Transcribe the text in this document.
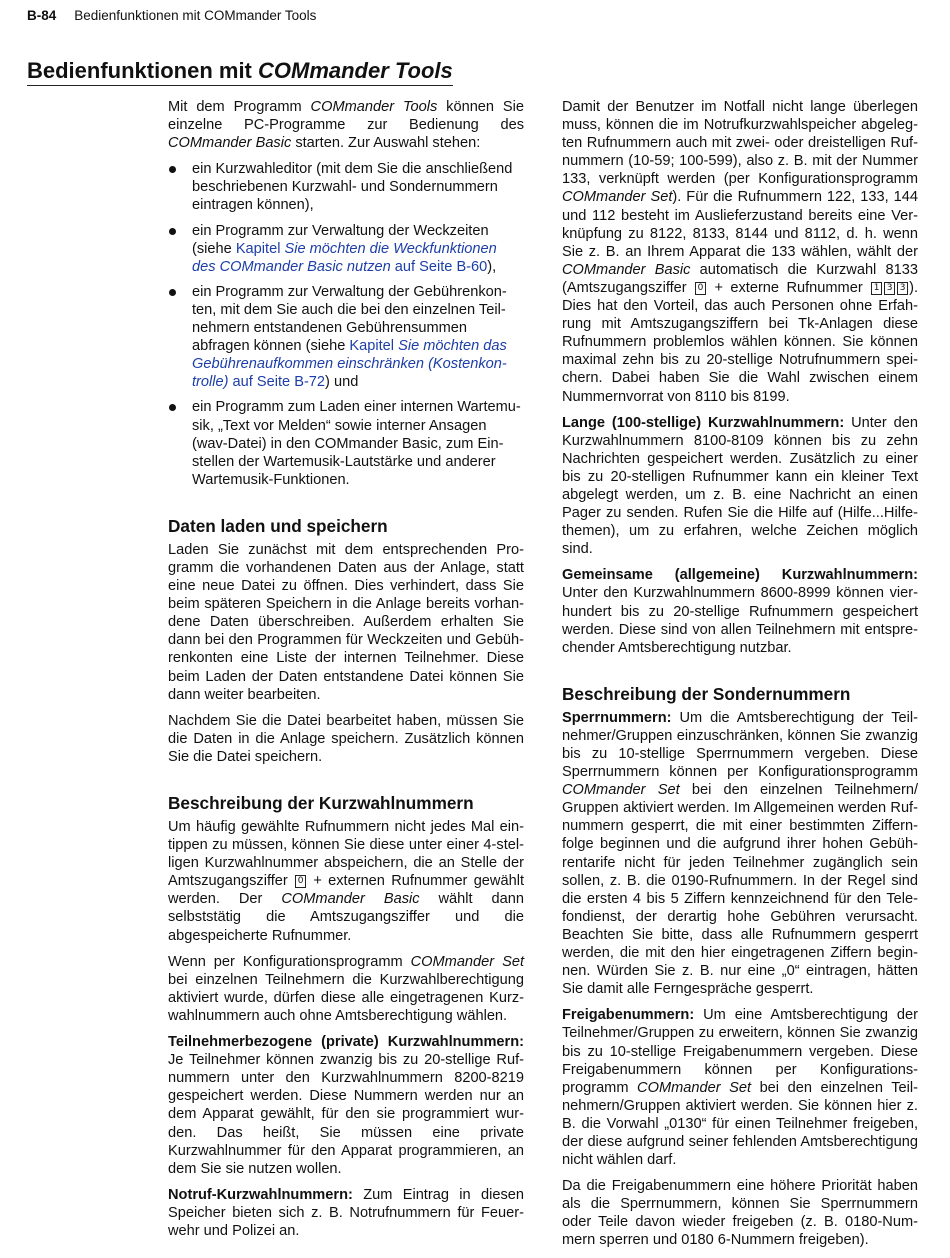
B-84 Bedienfunktionen mit COMmander Tools
Bedienfunktionen mit COMmander Tools

Mit dem Programm COMmander Tools können Sie einzelne PC-Programme zur Bedienung des COMmander Basic starten. Zur Auswahl stehen:

ein Kurzwahleditor (mit dem Sie die anschließend beschriebenen Kurzwahl- und Sondernummern eintragen können),
ein Programm zur Verwaltung der Weckzeiten (siehe Kapitel Sie möchten die Weckfunktionen des COMmander Basic nutzen auf Seite B-60),
ein Programm zur Verwaltung der Gebührenkonten, mit dem Sie auch die bei den einzelnen Teilnehmern entstandenen Gebührensummen abfragen können (siehe Kapitel Sie möchten das Gebührenaufkommen einschränken (Kostenkontrolle) auf Seite B-72) und
ein Programm zum Laden einer internen Wartemusik, „Text vor Melden“ sowie interner Ansagen (wav-Datei) in den COMmander Basic, zum Einstellen der Wartemusik-Lautstärke und anderer Wartemusik-Funktionen.
Daten laden und speichern

Laden Sie zunächst mit dem entsprechenden Programm die vorhandenen Daten aus der Anlage, statt eine neue Datei zu öffnen. Dies verhindert, dass Sie beim späteren Speichern in die Anlage bereits vorhandene Daten überschreiben. Außerdem erhalten Sie dann bei den Programmen für Weckzeiten und Gebührenkonten eine Liste der internen Teilnehmer. Diese beim Laden der Daten entstandene Datei können Sie dann weiter bearbeiten.

Nachdem Sie die Datei bearbeitet haben, müssen Sie die Daten in die Anlage speichern. Zusätzlich können Sie die Datei speichern.

Beschreibung der Kurzwahlnummern

Um häufig gewählte Rufnummern nicht jedes Mal eintippen zu müssen, können Sie diese unter einer 4-stelligen Kurzwahlnummer abspeichern, die an Stelle der Amtszugangsziffer 0 + externen Rufnummer gewählt werden. Der COMmander Basic wählt dann selbststätig die Amtszugangsziffer und die abgespeicherte Rufnummer.

Wenn per Konfigurationsprogramm COMmander Set bei einzelnen Teilnehmern die Kurzwahlberechtigung aktiviert wurde, dürfen diese alle eingetragenen Kurzwahlnummern auch ohne Amtsberechtigung wählen.

Teilnehmerbezogene (private) Kurzwahlnummern: Je Teilnehmer können zwanzig bis zu 20-stellige Rufnummern unter den Kurzwahlnummern 8200-8219 gespeichert werden. Diese Nummern werden nur an dem Apparat gewählt, für den sie programmiert wurden. Das heißt, Sie müssen eine private Kurzwahlnummer für den Apparat programmieren, an dem Sie sie nutzen wollen.

Notruf-Kurzwahlnummern: Zum Eintrag in diesen Speicher bieten sich z. B. Notrufnummern für Feuerwehr und Polizei an.

Damit der Benutzer im Notfall nicht lange überlegen muss, können die im Notrufkurzwahlspeicher abgelegten Rufnummern auch mit zwei- oder dreistelligen Rufnummern (10-59; 100-599), also z. B. mit der Nummer 133, verknüpft werden (per Konfigurationsprogramm COMmander Set). Für die Rufnummern 122, 133, 144 und 112 besteht im Auslieferzustand bereits eine Verknüpfung zu 8122, 8133, 8144 und 8112, d. h. wenn Sie z. B. an Ihrem Apparat die 133 wählen, wählt der COMmander Basic automatisch die Kurzwahl 8133 (Amtszugangsziffer 0 + externe Rufnummer 1 3 3 ). Dies hat den Vorteil, das auch Personen ohne Erfahrung mit Amtszugangsziffern bei Tk-Anlagen diese Rufnummern problemlos wählen können. Sie können maximal zehn bis zu 20-stellige Notrufnummern speichern. Dabei haben Sie die Wahl zwischen einem Nummernvorrat von 8110 bis 8199.

Lange (100-stellige) Kurzwahlnummern: Unter den Kurzwahlnummern 8100-8109 können bis zu zehn Nachrichten gespeichert werden. Zusätzlich zu einer bis zu 20-stelligen Rufnummer kann ein kleiner Text abgelegt werden, um z. B. eine Nachricht an einen Pager zu senden. Rufen Sie die Hilfe auf (Hilfe...Hilfethemen), um zu erfahren, welche Zeichen möglich sind.

Gemeinsame (allgemeine) Kurzwahlnummern: Unter den Kurzwahlnummern 8600-8999 können vierhundert bis zu 20-stellige Rufnummern gespeichert werden. Diese sind von allen Teilnehmern mit entsprechender Amtsberechtigung nutzbar.

Beschreibung der Sondernummern

Sperrnummern: Um die Amtsberechtigung der Teilnehmer/Gruppen einzuschränken, können Sie zwanzig bis zu 10-stellige Sperrnummern vergeben. Diese Sperrnummern können per Konfigurationsprogramm COMmander Set bei den einzelnen Teilnehmern/ Gruppen aktiviert werden. Im Allgemeinen werden Rufnummern gesperrt, die mit einer bestimmten Ziffernfolge beginnen und die aufgrund ihrer hohen Gebührentarife nicht für jeden Teilnehmer zugänglich sein sollen, z. B. die 0190-Rufnummern. In der Regel sind die ersten 4 bis 5 Ziffern kennzeichnend für den Telefondienst, der derartig hohe Gebühren verursacht. Beachten Sie bitte, dass alle Rufnummern gesperrt werden, die mit den hier eingetragenen Ziffern beginnen. Würden Sie z. B. nur eine „0“ eintragen, hätten Sie damit alle Ferngespräche gesperrt.

Freigabenummern: Um eine Amtsberechtigung der Teilnehmer/Gruppen zu erweitern, können Sie zwanzig bis zu 10-stellige Freigabenummern vergeben. Diese Freigabenummern können per Konfigurationsprogramm COMmander Set bei den einzelnen Teilnehmern/Gruppen aktiviert werden. Sie können hier z. B. die Vorwahl „0130“ für einen Teilnehmer freigeben, der diese aufgrund seiner fehlenden Amtsberechtigung nicht wählen darf.

Da die Freigabenummern eine höhere Priorität haben als die Sperrnummern, können Sie Sperrnummern oder Teile davon wieder freigeben (z. B. 0180-Nummern sperren und 0180 6-Nummern freigeben).
